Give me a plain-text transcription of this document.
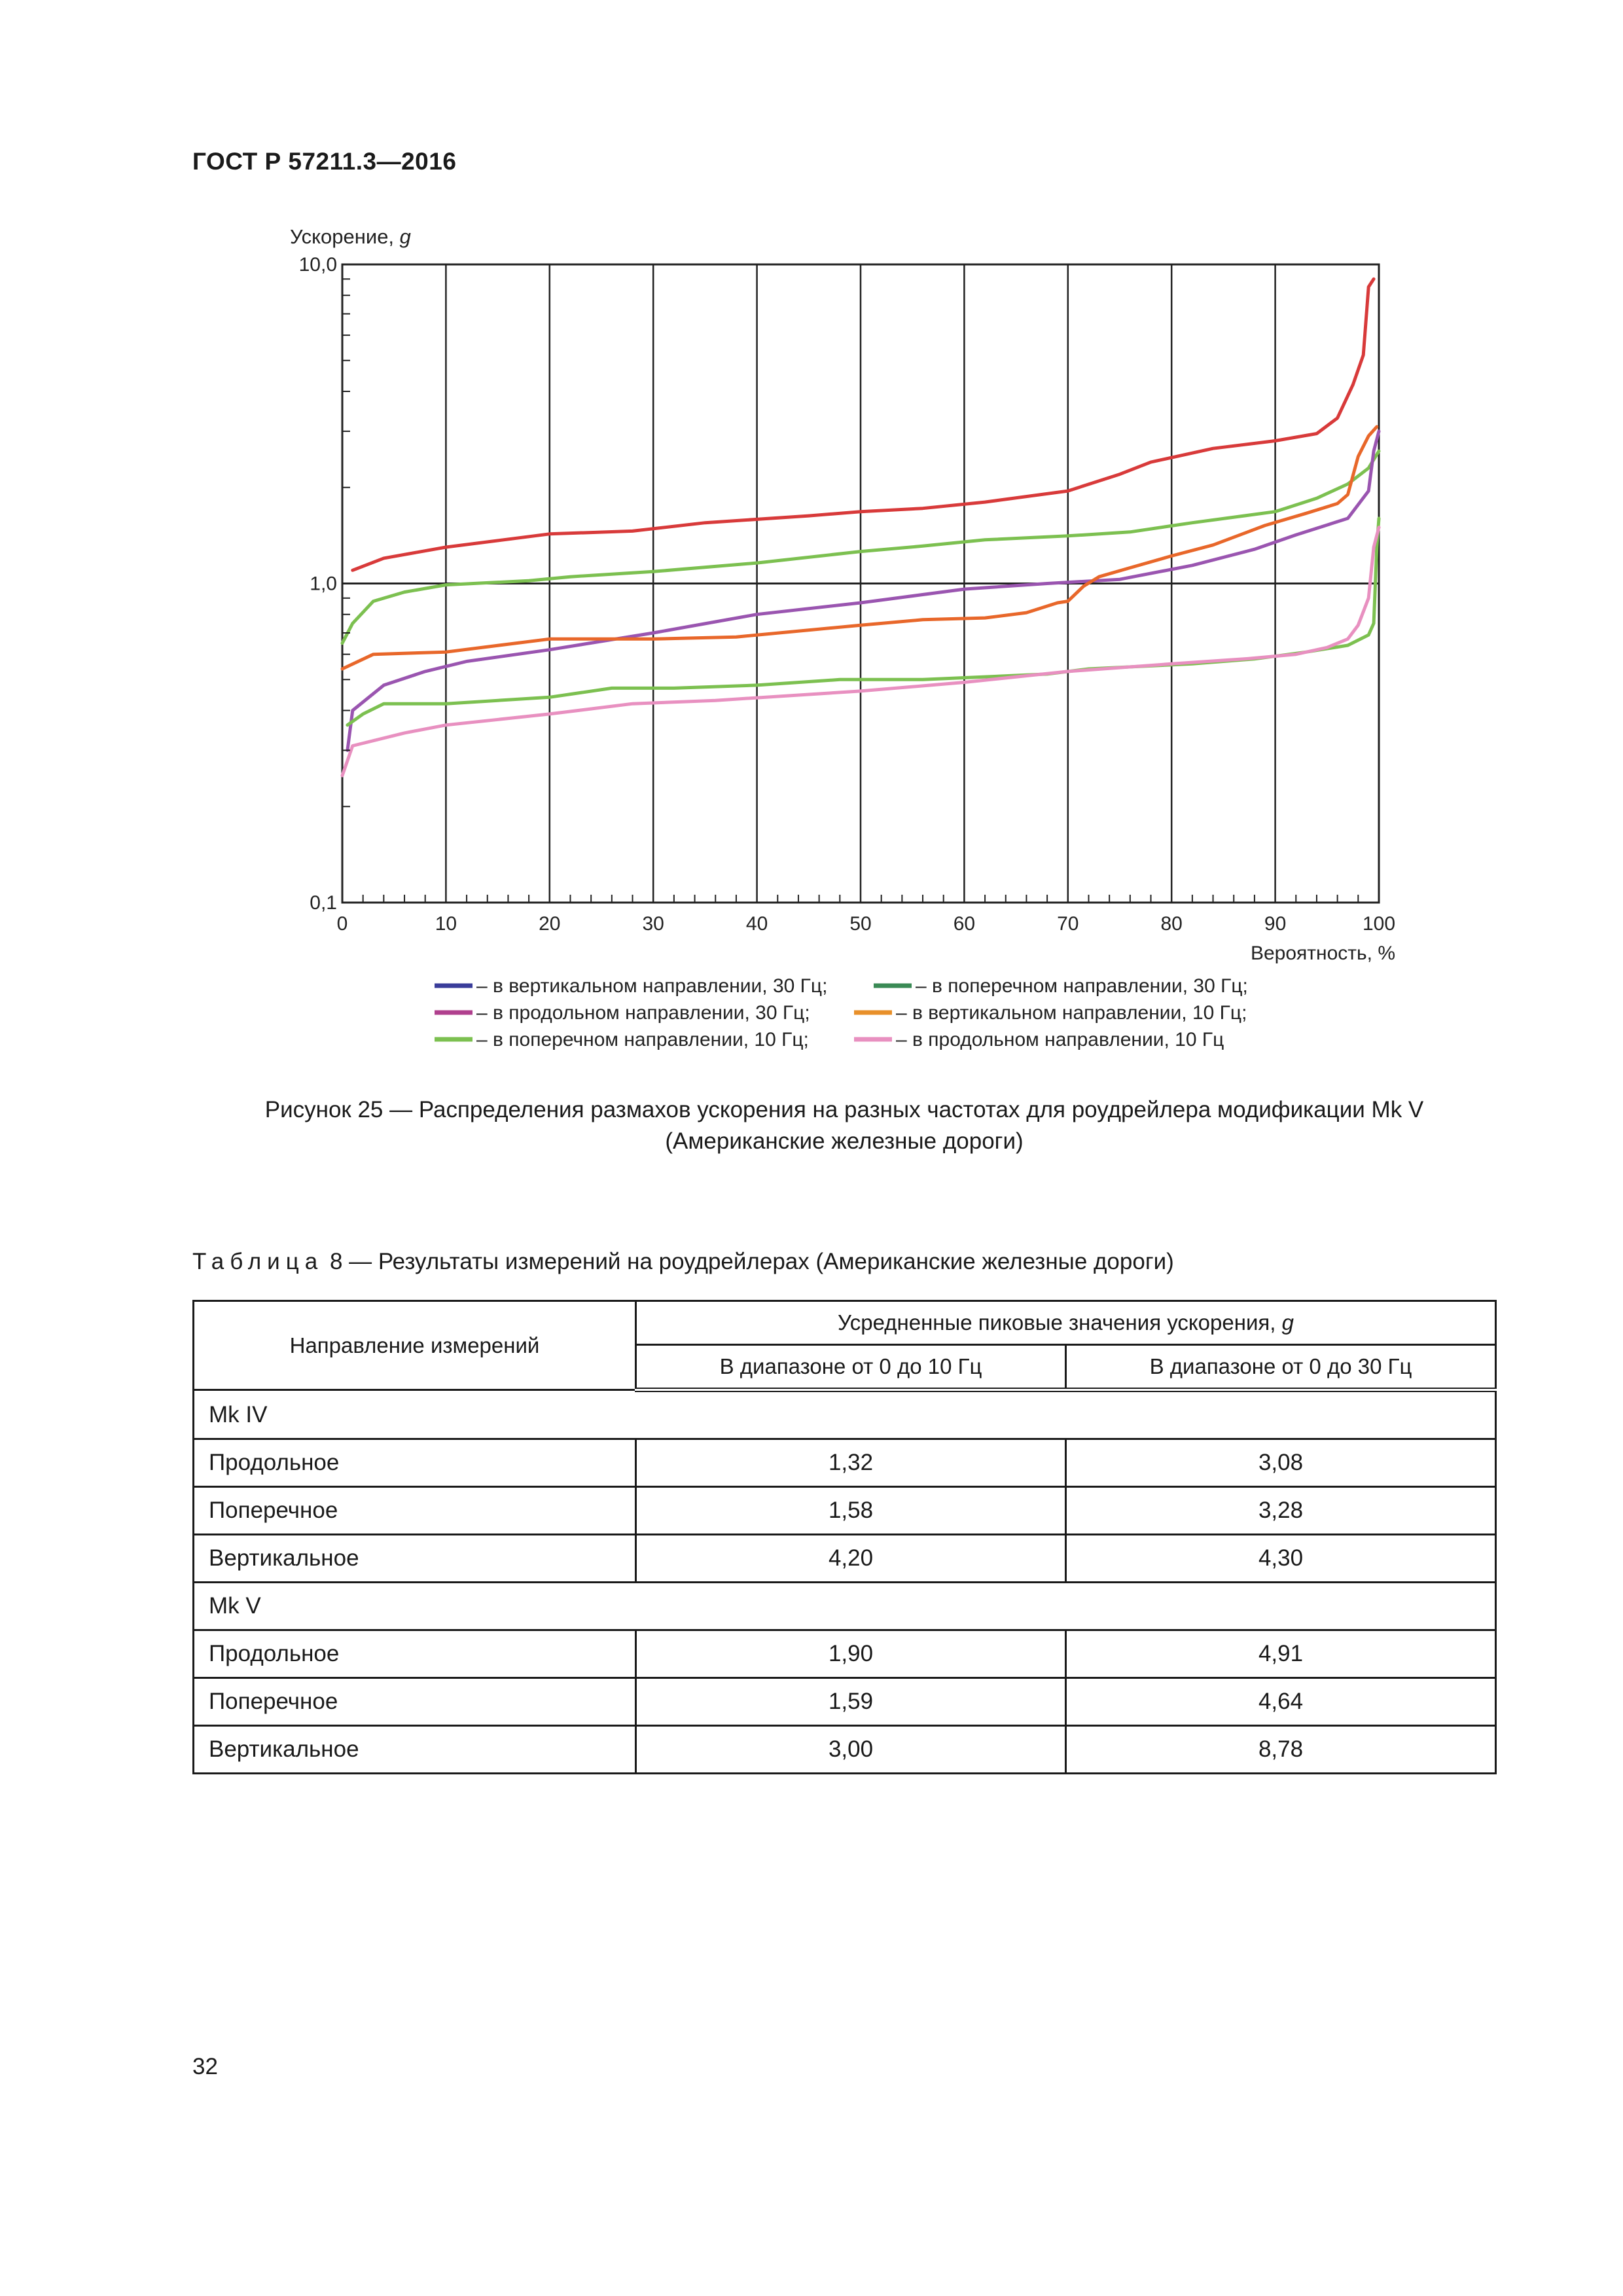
ГОСТ Р 57211.3—2016
Ускорение, g
0	10	20	30	40	50	60	70	80	90	100
10,0
1,0
0,1
Вероятность, %
– в вертикальном направлении, 30 Гц;	– в поперечном направлении, 30 Гц;
– в продольном направлении, 30 Гц;	– в вертикальном направлении, 10 Гц;
– в поперечном направлении, 10 Гц;	– в продольном направлении, 10 Гц
Рисунок 25 — Распределения размахов ускорения на разных частотах для роудрейлера модификации Mk V
(Американские железные дороги)
Таблица 8 — Результаты измерений на роудрейлерах (Американские железные дороги)
Направление измерений	Усредненные пиковые значения ускорения, g	
	В диапазоне от 0 до 10 Гц	В диапазоне от 0 до 30 Гц
Mk IV		
Продольное	1,32	3,08
Поперечное	1,58	3,28
Вертикальное	4,20	4,30
Mk V		
Продольное	1,90	4,91
Поперечное	1,59	4,64
Вертикальное	3,00	8,78
32
